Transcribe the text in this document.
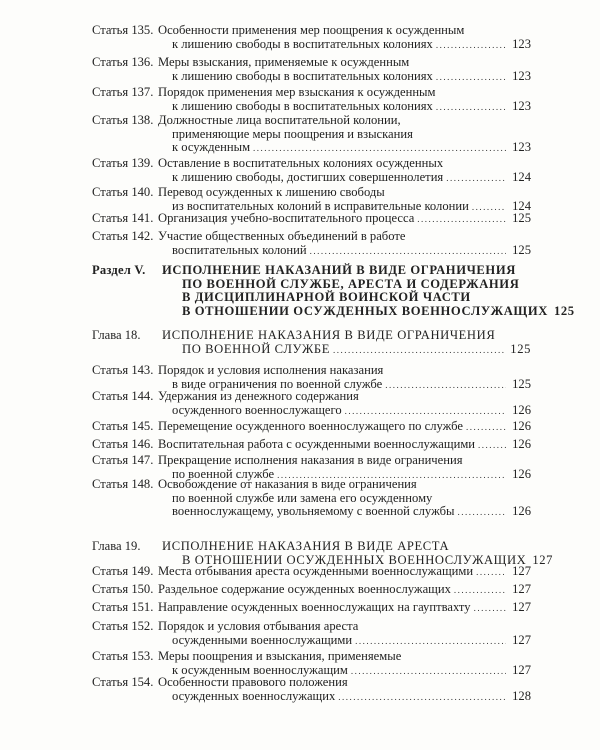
Статья 135. Особенности применения мер поощрения к осужденным
к лишению свободы в воспитательных колониях .....	123
Статья 136. Меры взыскания, применяемые к осужденным
к лишению свободы в воспитательных колониях .....	123
Статья 137. Порядок применения мер взыскания к осужденным
к лишению свободы в воспитательных колониях .....	123
Статья 138. Должностные лица воспитательной колонии,
применяющие меры поощрения и взыскания
к осужденным .....	123
Статья 139. Оставление в воспитательных колониях осужденных
к лишению свободы, достигших совершеннолетия .....	124
Статья 140. Перевод осужденных к лишению свободы
из воспитательных колоний в исправительные колонии .....	124
Статья 141. Организация учебно-воспитательного процесса .....	125
Статья 142. Участие общественных объединений в работе
воспитательных колоний .....	125
Раздел V. ИСПОЛНЕНИЕ НАКАЗАНИЙ В ВИДЕ ОГРАНИЧЕНИЯ
ПО ВОЕННОЙ СЛУЖБЕ, АРЕСТА И СОДЕРЖАНИЯ
В ДИСЦИПЛИНАРНОЙ ВОИНСКОЙ ЧАСТИ
В ОТНОШЕНИИ ОСУЖДЕННЫХ ВОЕННОСЛУЖАЩИХ 125
Глава 18. ИСПОЛНЕНИЕ НАКАЗАНИЯ В ВИДЕ ОГРАНИЧЕНИЯ
ПО ВОЕННОЙ СЛУЖБЕ .....	125
Статья 143. Порядок и условия исполнения наказания
в виде ограничения по военной службе .....	125
Статья 144. Удержания из денежного содержания
осужденного военнослужащего .....	126
Статья 145. Перемещение осужденного военнослужащего по службе .....	126
Статья 146. Воспитательная работа с осужденными военнослужащими .....	126
Статья 147. Прекращение исполнения наказания в виде ограничения
по военной службе .....	126
Статья 148. Освобождение от наказания в виде ограничения
по военной службе или замена его осужденному
военнослужащему, увольняемому с военной службы .....	126
Глава 19. ИСПОЛНЕНИЕ НАКАЗАНИЯ В ВИДЕ АРЕСТА
В ОТНОШЕНИИ ОСУЖДЕННЫХ ВОЕННОСЛУЖАЩИХ 127
Статья 149. Места отбывания ареста осужденными военнослужащими .....	127
Статья 150. Раздельное содержание осужденных военнослужащих .....	127
Статья 151. Направление осужденных военнослужащих на гауптвахту .....	127
Статья 152. Порядок и условия отбывания ареста
осужденными военнослужащими .....	127
Статья 153. Меры поощрения и взыскания, применяемые
к осужденным военнослужащим .....	127
Статья 154. Особенности правового положения
осужденных военнослужащих .....	128
